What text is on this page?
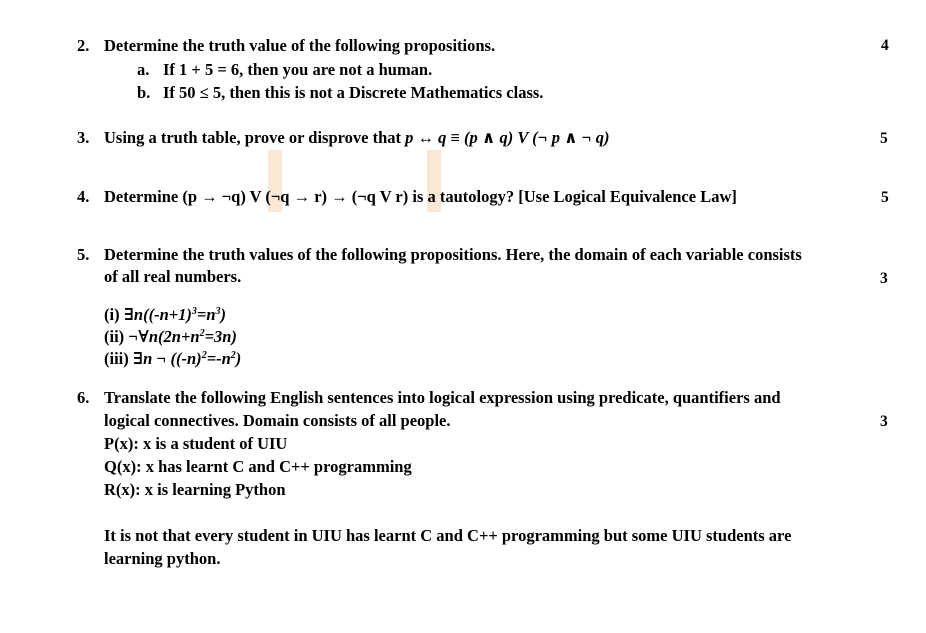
2. Determine the truth value of the following propositions.	4
a. If 1 + 5 = 6, then you are not a human.
b. If 50 ≤ 5, then this is not a Discrete Mathematics class.
3. Using a truth table, prove or disprove that p ↔ q ≡ (p ∧ q) V (¬ p ∧ ¬ q)	5
4. Determine (p → ¬q) V (¬q → r) → (¬q V r) is a tautology? [Use Logical Equivalence Law]	5
5. Determine the truth values of the following propositions. Here, the domain of each variable consists
of all real numbers.	3
(i) $\exists n((-n+1)^3=n^3)$
(ii) $\neg\forall n(2n+n^2=3n)$
(iii) ∃n ¬ $((-n)^2=-n^2)$
6. Translate the following English sentences into logical expression using predicate, quantifiers and
logical connectives. Domain consists of all people.	3
P(x): x is a student of UIU
Q(x): x has learnt C and C++ programming
R(x): x is learning Python
It is not that every student in UIU has learnt C and C++ programming but some UIU students are
learning python.
